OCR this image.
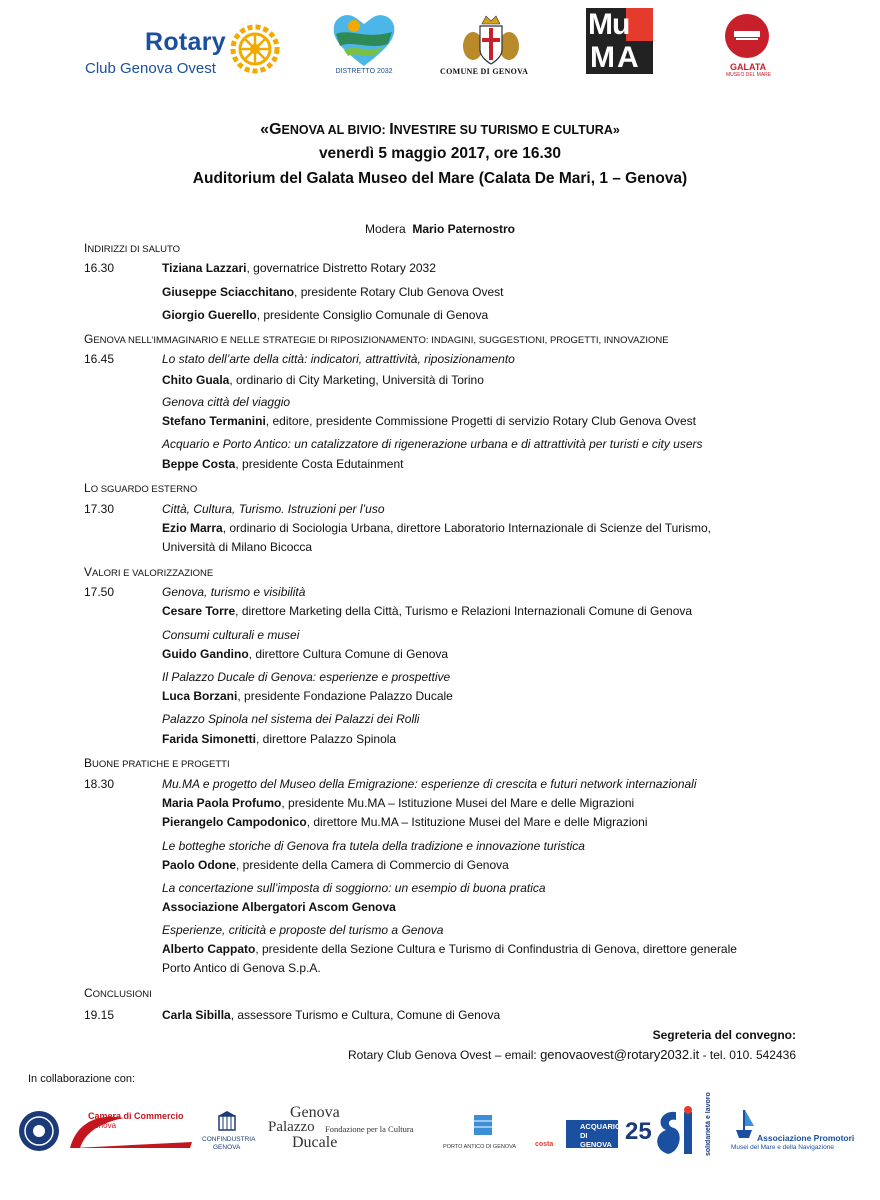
Rotary
Club Genova Ovest	DISTRETTO 2032	COMUNE DI GENOVA
Mu
MA	GALATA
MUSEO DEL MARE
«GENOVA AL BIVIO: INVESTIRE SU TURISMO E CULTURA»
venerdì 5 maggio 2017, ore 16.30
Auditorium del Galata Museo del Mare (Calata De Mari, 1 – Genova)
Modera Mario Paternostro
INDIRIZZI DI SALUTO
16.30	Tiziana Lazzari, governatrice Distretto Rotary 2032
Giuseppe Sciacchitano, presidente Rotary Club Genova Ovest
Giorgio Guerello, presidente Consiglio Comunale di Genova
GENOVA NELL’IMMAGINARIO E NELLE STRATEGIE DI RIPOSIZIONAMENTO: INDAGINI, SUGGESTIONI, PROGETTI, INNOVAZIONE
16.45	Lo stato dell’arte della città: indicatori, attrattività, riposizionamento
Chito Guala, ordinario di City Marketing, Università di Torino
Genova città del viaggio
Stefano Termanini, editore, presidente Commissione Progetti di servizio Rotary Club Genova Ovest
Acquario e Porto Antico: un catalizzatore di rigenerazione urbana e di attrattività per turisti e city users
Beppe Costa, presidente Costa Edutainment
LO SGUARDO ESTERNO
17.30	Città, Cultura, Turismo. Istruzioni per l’uso
Ezio Marra, ordinario di Sociologia Urbana, direttore Laboratorio Internazionale di Scienze del Turismo,
Università di Milano Bicocca
VALORI E VALORIZZAZIONE
17.50	Genova, turismo e visibilità
Cesare Torre, direttore Marketing della Città, Turismo e Relazioni Internazionali Comune di Genova
Consumi culturali e musei
Guido Gandino, direttore Cultura Comune di Genova
Il Palazzo Ducale di Genova: esperienze e prospettive
Luca Borzani, presidente Fondazione Palazzo Ducale
Palazzo Spinola nel sistema dei Palazzi dei Rolli
Farida Simonetti, direttore Palazzo Spinola
BUONE PRATICHE E PROGETTI
18.30	Mu.MA e progetto del Museo della Emigrazione: esperienze di crescita e futuri network internazionali
Maria Paola Profumo, presidente Mu.MA – Istituzione Musei del Mare e delle Migrazioni
Pierangelo Campodonico, direttore Mu.MA – Istituzione Musei del Mare e delle Migrazioni
Le botteghe storiche di Genova fra tutela della tradizione e innovazione turistica
Paolo Odone, presidente della Camera di Commercio di Genova
La concertazione sull’imposta di soggiorno: un esempio di buona pratica
Associazione Albergatori Ascom Genova
Esperienze, criticità e proposte del turismo a Genova
Alberto Cappato, presidente della Sezione Cultura e Turismo di Confindustria di Genova, direttore generale
Porto Antico di Genova S.p.A.
CONCLUSIONI
19.15	Carla Sibilla, assessore Turismo e Cultura, Comune di Genova
Segreteria del convegno:
Rotary Club Genova Ovest – email: genovaovest@rotary2032.it - tel. 010. 542436
In collaborazione con:
Camera di Commercio
Genova
CONFINDUSTRIA
GENOVA
Genova
Palazzo
Ducale
Fondazione per la Cultura
PORTO ANTICO DI GENOVA	costa
ACQUARIO
DI GENOVA 25	solidarietà e lavoro	Associazione Promotori
Musei del Mare e della Navigazione
